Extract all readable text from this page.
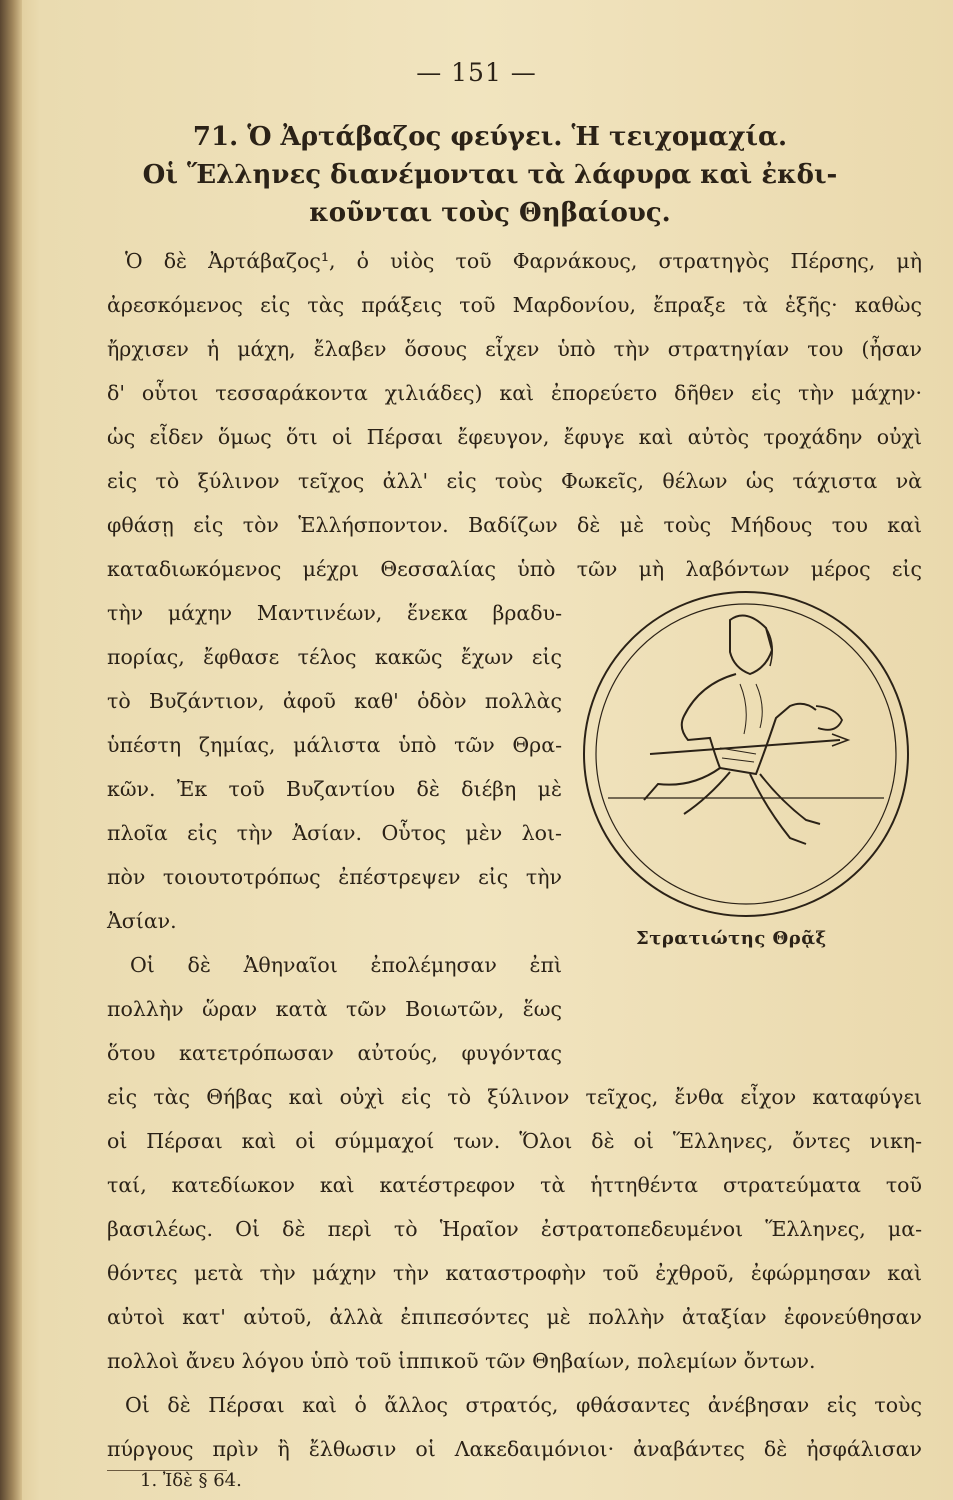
— 151 —
71. Ὁ Ἀρτάβαζος φεύγει. Ἡ τειχομαχία.
Οἱ Ἕλληνες διανέμονται τὰ λάφυρα καὶ ἐκδι-
κοῦνται τοὺς Θηβαίους.
Ὁ δὲ Ἀρτάβαζος¹, ὁ υἱὸς τοῦ Φαρνάκους, στρατηγὸς Πέρσης, μὴ
ἀρεσκόμενος εἰς τὰς πράξεις τοῦ Μαρδονίου, ἔπραξε τὰ ἑξῆς· καθὼς
ἤρχισεν ἡ μάχη, ἔλαβεν ὅσους εἶχεν ὑπὸ τὴν στρατηγίαν του (ἦσαν
δ' οὗτοι τεσσαράκοντα χιλιάδες) καὶ ἐπορεύετο δῆθεν εἰς τὴν μάχην·
ὡς εἶδεν ὅμως ὅτι οἱ Πέρσαι ἔφευγον, ἔφυγε καὶ αὐτὸς τροχάδην οὐχὶ
εἰς τὸ ξύλινον τεῖχος ἀλλ' εἰς τοὺς Φωκεῖς, θέλων ὡς τάχιστα νὰ
φθάσῃ εἰς τὸν Ἑλλήσποντον. Βαδίζων δὲ μὲ τοὺς Μήδους του καὶ
καταδιωκόμενος μέχρι Θεσσαλίας ὑπὸ τῶν μὴ λαβόντων μέρος εἰς
τὴν μάχην Μαντινέων, ἕνεκα βραδυ-
πορίας, ἔφθασε τέλος κακῶς ἔχων εἰς
τὸ Βυζάντιον, ἀφοῦ καθ' ὁδὸν πολλὰς
ὑπέστη ζημίας, μάλιστα ὑπὸ τῶν Θρα-
κῶν. Ἐκ τοῦ Βυζαντίου δὲ διέβη μὲ
πλοῖα εἰς τὴν Ἀσίαν. Οὗτος μὲν λοι-
πὸν τοιουτοτρόπως ἐπέστρεψεν εἰς τὴν
Ἀσίαν.
Οἱ δὲ Ἀθηναῖοι ἐπολέμησαν ἐπὶ
πολλὴν ὥραν κατὰ τῶν Βοιωτῶν, ἕως
ὅτου κατετρόπωσαν αὐτούς, φυγόντας
εἰς τὰς Θήβας καὶ οὐχὶ εἰς τὸ ξύλινον τεῖχος, ἔνθα εἶχον καταφύγει
οἱ Πέρσαι καὶ οἱ σύμμαχοί των. Ὅλοι δὲ οἱ Ἕλληνες, ὄντες νικη-
ταί, κατεδίωκον καὶ κατέστρεφον τὰ ἡττηθέντα στρατεύματα τοῦ
βασιλέως. Οἱ δὲ περὶ τὸ Ἡραῖον ἐστρατοπεδευμένοι Ἕλληνες, μα-
θόντες μετὰ τὴν μάχην τὴν καταστροφὴν τοῦ ἐχθροῦ, ἐφώρμησαν καὶ
αὐτοὶ κατ' αὐτοῦ, ἀλλὰ ἐπιπεσόντες μὲ πολλὴν ἀταξίαν ἐφονεύθησαν
πολλοὶ ἄνευ λόγου ὑπὸ τοῦ ἱππικοῦ τῶν Θηβαίων, πολεμίων ὄντων.
Οἱ δὲ Πέρσαι καὶ ὁ ἄλλος στρατός, φθάσαντες ἀνέβησαν εἰς τοὺς
πύργους πρὶν ἢ ἔλθωσιν οἱ Λακεδαιμόνιοι· ἀναβάντες δὲ ἠσφάλισαν
Στρατιώτης Θρᾷξ
1. Ἰδὲ § 64.
